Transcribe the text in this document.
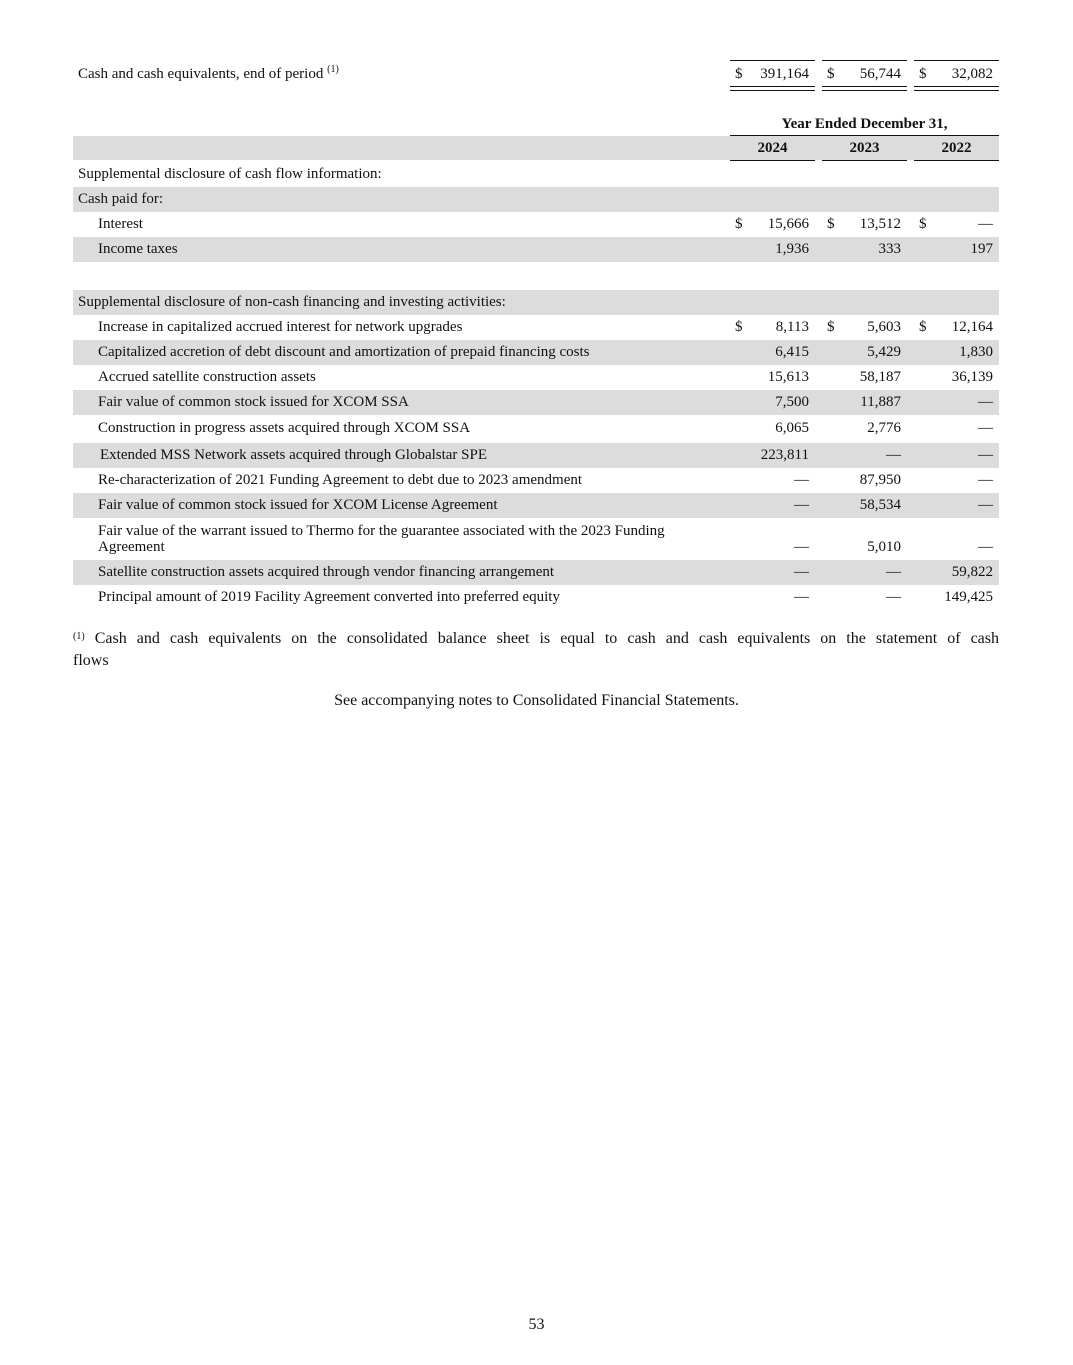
Cash and cash equivalents, end of period $^{(1)}$	$ 391,164 $ 56,744 $ 32,082
Year Ended December 31,
2024	2023	2022
Supplemental disclosure of cash flow information:
Cash paid for:
Interest	$ 15,666 $ 13,512 $	—
Income taxes	1,936	333	197
Supplemental disclosure of non-cash financing and investing activities:
Increase in capitalized accrued interest for network upgrades	$ 8,113 $ 5,603 $ 12,164
Capitalized accretion of debt discount and amortization of prepaid financing costs	6,415	5,429	1,830
Accrued satellite construction assets	15,613	58,187	36,139
Fair value of common stock issued for XCOM SSA	7,500	11,887	—
Construction in progress assets acquired through XCOM SSA	6,065	2,776	—
Extended MSS Network assets acquired through Globalstar SPE	223,811	—	—
Re-characterization of 2021 Funding Agreement to debt due to 2023 amendment	—	87,950	—
Fair value of common stock issued for XCOM License Agreement	—	58,534	—
Fair value of the warrant issued to Thermo for the guarantee associated with the 2023 Funding
Agreement	—	5,010	—
Satellite construction assets acquired through vendor financing arrangement	—	—	59,822
Principal amount of 2019 Facility Agreement converted into preferred equity	—	—	149,425
$^{(1)}$ Cash and cash equivalents on the consolidated balance sheet is equal to cash and cash equivalents on the statement of cash
flows
See accompanying notes to Consolidated Financial Statements.
53
